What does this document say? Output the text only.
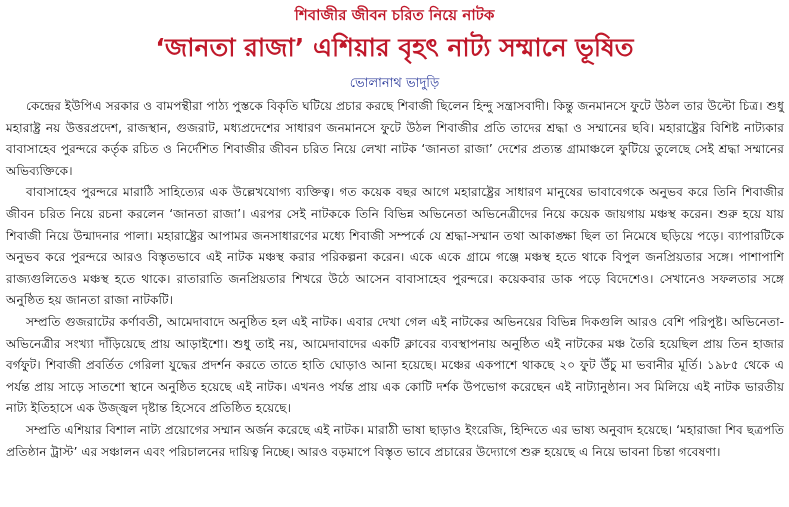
শিবাজীর জীবন চরিত নিয়ে নাটক
‘জানতা রাজা’ এশিয়ার বৃহৎ নাট্য সম্মানে ভূষিত
ভোলানাথ ভাদুড়ি

কেন্দ্রের ইউপিএ সরকার ও বামপন্থীরা পাঠ্য পুস্তকে বিকৃতি ঘটিয়ে প্রচার করছে শিবাজী ছিলেন হিন্দু সন্ত্রাসবাদী। কিন্তু জনমানসে ফুটে উঠল তার উল্টো চিত্র। শুধু মহারাষ্ট্র নয় উত্তরপ্রদেশ, রাজস্থান, গুজরাট, মধ্যপ্রদেশের সাধারণ জনমানসে ফুটে উঠল শিবাজীর প্রতি তাদের শ্রদ্ধা ও সম্মানের ছবি। মহারাষ্ট্রের বিশিষ্ট নাট্যকার বাবাসাহেব পুরন্দরে কর্তৃক রচিত ও নির্দেশিত শিবাজীর জীবন চরিত নিয়ে লেখা নাটক ‘জানতা রাজা’ দেশের প্রত্যন্ত গ্রামাঞ্চলে ফুটিয়ে তুলেছে সেই শ্রদ্ধা সম্মানের অভিব্যক্তিকে।

বাবাসাহেব পুরন্দরে মারাঠি সাহিত্যের এক উল্লেখযোগ্য ব্যক্তিত্ব। গত কয়েক বছর আগে মহারাষ্ট্রের সাধারণ মানুষের ভাবাবেগকে অনুভব করে তিনি শিবাজীর জীবন চরিত নিয়ে রচনা করলেন ‘জানতা রাজা’। এরপর সেই নাটককে তিনি বিভিন্ন অভিনেতা অভিনেত্রীদের নিয়ে কয়েক জায়গায় মঞ্চস্থ করেন। শুরু হয়ে যায় শিবাজী নিয়ে উন্মাদনার পালা। মহারাষ্ট্রের আপামর জনসাধারণের মধ্যে শিবাজী সম্পর্কে যে শ্রদ্ধা-সম্মান তথা আকাঙ্ক্ষা ছিল তা নিমেষে ছড়িয়ে পড়ে। ব্যাপারটিকে অনুভব করে পুরন্দরে আরও বিস্তৃতভাবে এই নাটক মঞ্চস্থ করার পরিকল্পনা করেন। একে একে গ্রামে গঞ্জে মঞ্চস্থ হতে থাকে বিপুল জনপ্রিয়তার সঙ্গে। পাশাপাশি রাজ্যগুলিতেও মঞ্চস্থ হতে থাকে। রাতারাতি জনপ্রিয়তার শিখরে উঠে আসেন বাবাসাহেব পুরন্দরে। কয়েকবার ডাক পড়ে বিদেশেও। সেখানেও সফলতার সঙ্গে অনুষ্ঠিত হয় জানতা রাজা নাটকটি।

সম্প্রতি গুজরাটের কর্ণাবতী, আমেদাবাদে অনুষ্ঠিত হল এই নাটক। এবার দেখা গেল এই নাটকের অভিনয়ের বিভিন্ন দিকগুলি আরও বেশি পরিপুষ্ট। অভিনেতা-অভিনেত্রীর সংখ্যা দাঁড়িয়েছে প্রায় আড়াইশো। শুধু তাই নয়, আমেদাবাদের একটি ক্লাবের ব্যবস্থাপনায় অনুষ্ঠিত এই নাটকের মঞ্চ তৈরি হয়েছিল প্রায় তিন হাজার বর্গফুট। শিবাজী প্রবর্তিত গেরিলা যুদ্ধের প্রদর্শন করতে তাতে হাতি ঘোড়াও আনা হয়েছে। মঞ্চের একপাশে থাকছে ২০ ফুট উঁচু মা ভবানীর মূর্তি। ১৯৮৫ থেকে এ পর্যন্ত প্রায় সাড়ে সাতশো স্থানে অনুষ্ঠিত হয়েছে এই নাটক। এখনও পর্যন্ত প্রায় এক কোটি দর্শক উপভোগ করেছেন এই নাট্যানুষ্ঠান। সব মিলিয়ে এই নাটক ভারতীয় নাট্য ইতিহাসে এক উজ্জ্বল দৃষ্টান্ত হিসেবে প্রতিষ্ঠিত হয়েছে।

সম্প্রতি এশিয়ার বিশাল নাট্য প্রয়োগের সম্মান অর্জন করেছে এই নাটক। মারাঠী ভাষা ছাড়াও ইংরেজি, হিন্দিতে এর ভাষ্য অনুবাদ হয়েছে। ‘মহারাজা শিব ছত্রপতি প্রতিষ্ঠান ট্রাস্ট’ এর সঞ্চালন এবং পরিচালনের দায়িত্ব নিচ্ছে। আরও বড়মাপে বিস্তৃত ভাবে প্রচারের উদ্যোগে শুরু হয়েছে এ নিয়ে ভাবনা চিন্তা গবেষণা।
